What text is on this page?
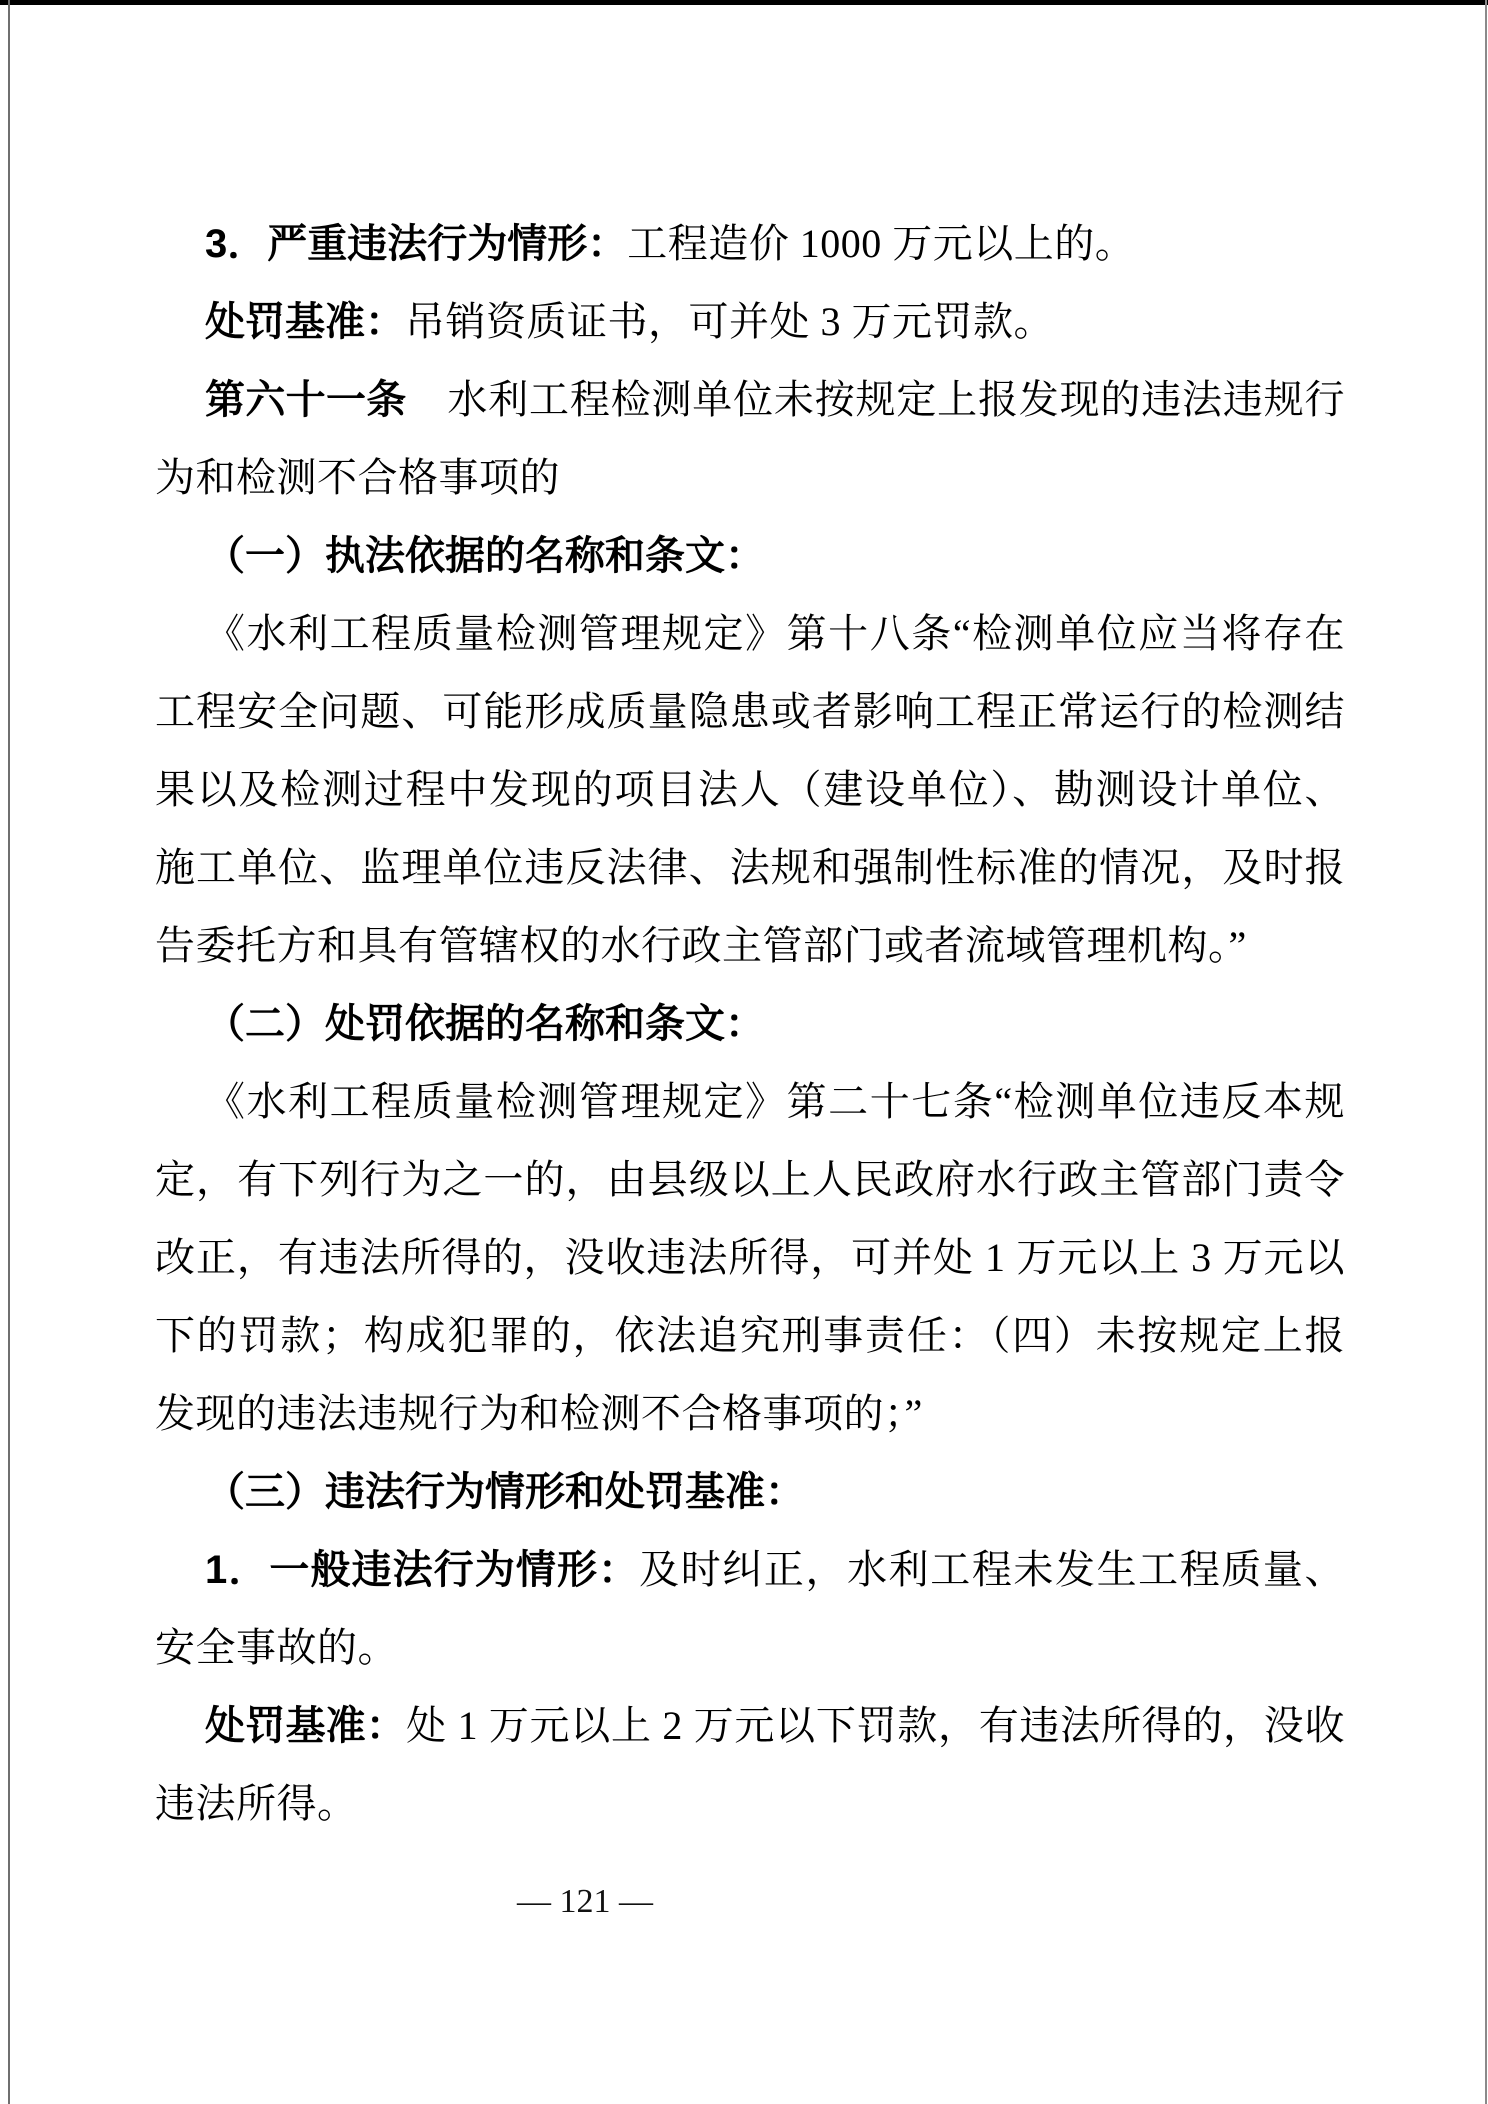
3．严重违法行为情形：工程造价 1000 万元以上的。

处罚基准：吊销资质证书，可并处 3 万元罚款。

第六十一条　水利工程检测单位未按规定上报发现的违法违规行为和检测不合格事项的

（一）执法依据的名称和条文：

《水利工程质量检测管理规定》第十八条“检测单位应当将存在工程安全问题、可能形成质量隐患或者影响工程正常运行的检测结果以及检测过程中发现的项目法人（建设单位）、勘测设计单位、施工单位、监理单位违反法律、法规和强制性标准的情况，及时报告委托方和具有管辖权的水行政主管部门或者流域管理机构。”

（二）处罚依据的名称和条文：

《水利工程质量检测管理规定》第二十七条“检测单位违反本规定，有下列行为之一的，由县级以上人民政府水行政主管部门责令改正，有违法所得的，没收违法所得，可并处 1 万元以上 3 万元以下的罚款；构成犯罪的，依法追究刑事责任：（四）未按规定上报发现的违法违规行为和检测不合格事项的；”

（三）违法行为情形和处罚基准：

1．一般违法行为情形：及时纠正，水利工程未发生工程质量、安全事故的。

处罚基准：处 1 万元以上 2 万元以下罚款，有违法所得的，没收违法所得。

— 121 —
